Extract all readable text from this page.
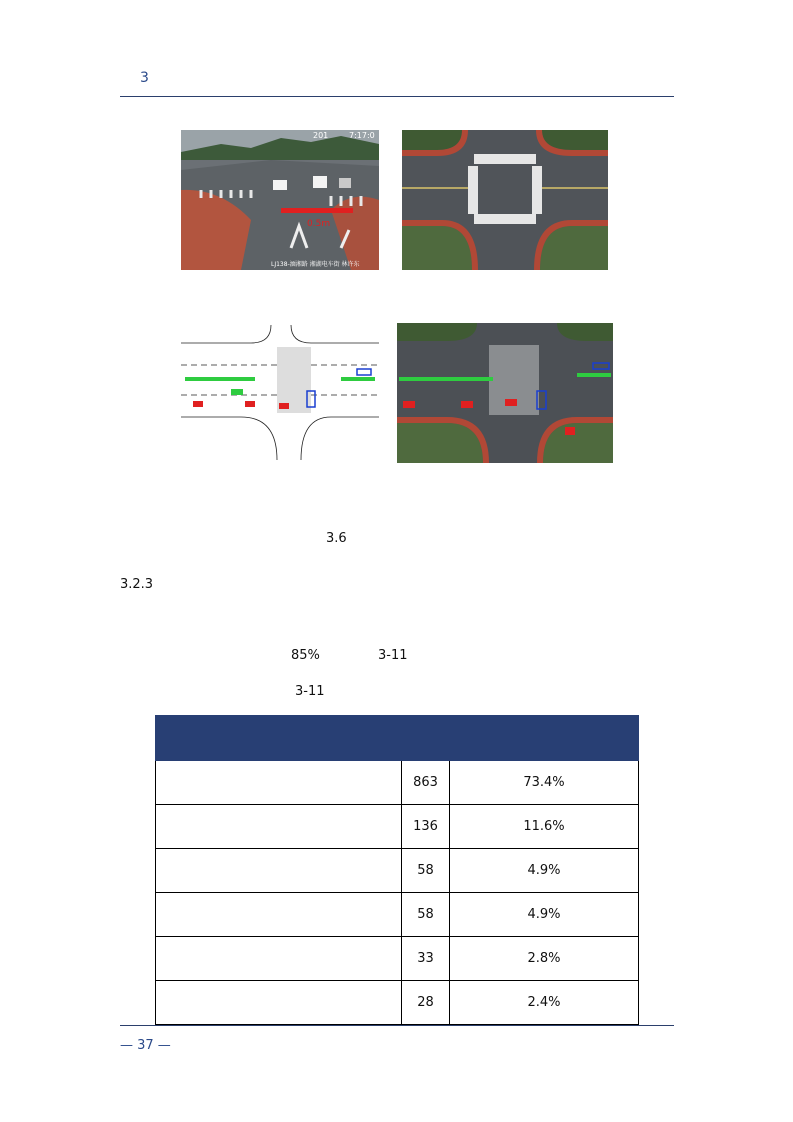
3
0.5m
201	7:17:0
LJ138-湎湘路 湘湖电车街 林许东
3.6
3.2.3
85%	3-11
3-11

	863	73.4%
	136	11.6%
	58	4.9%
	58	4.9%
	33	2.8%
	28	2.4%
— 37 —
